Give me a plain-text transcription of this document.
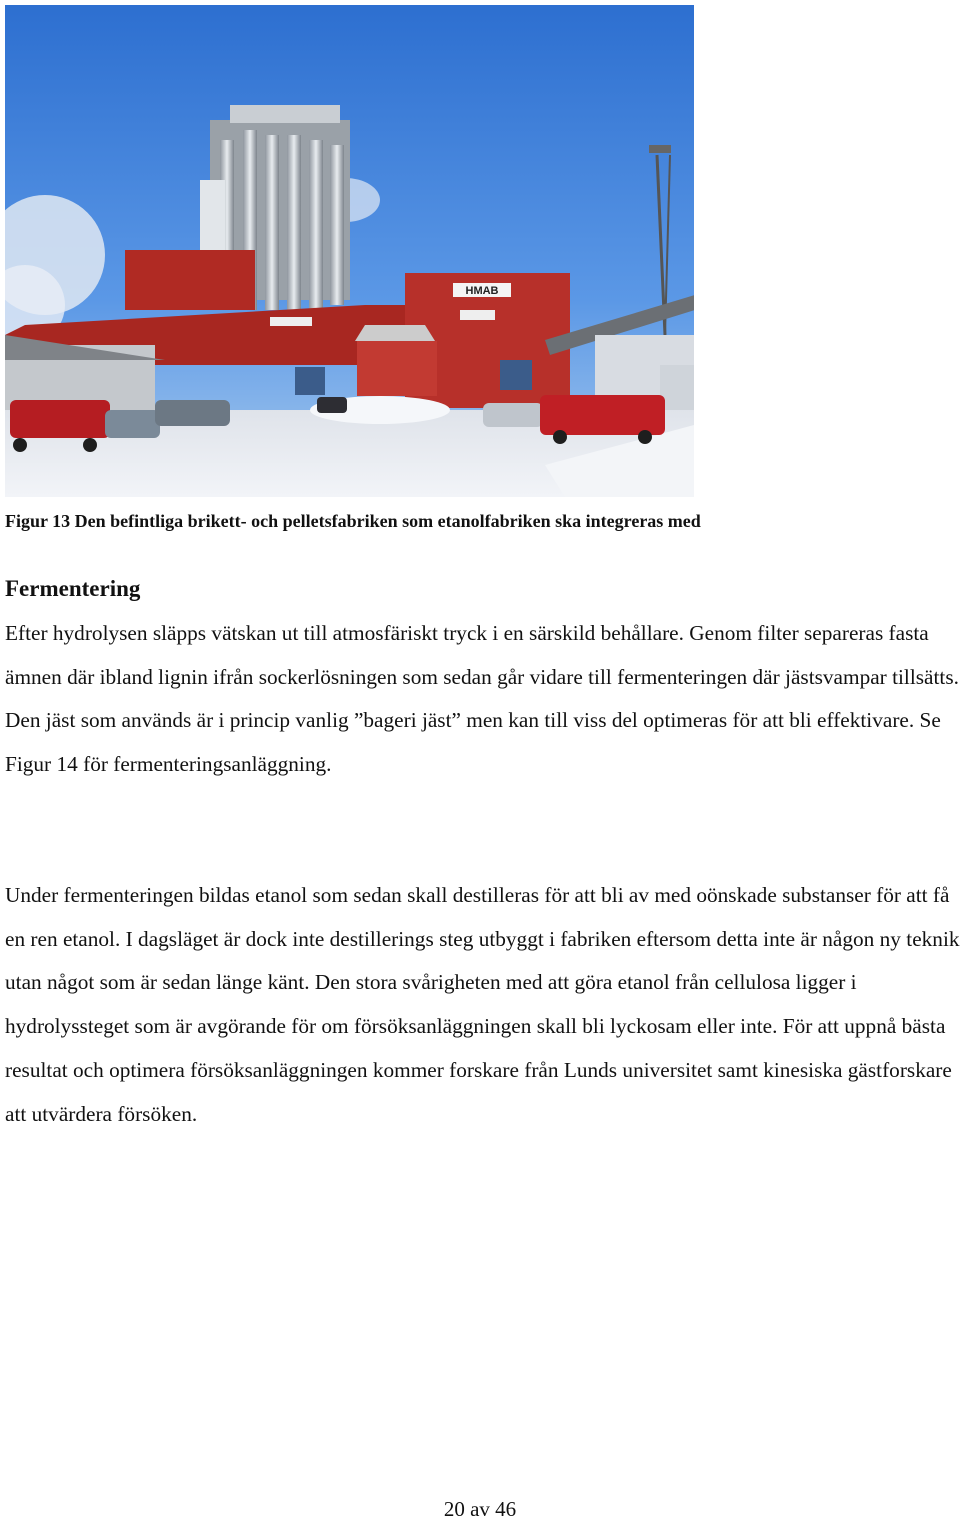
HMAB

Figur 13 Den befintliga brikett- och pelletsfabriken som etanolfabriken ska integreras med

Fermentering

Efter hydrolysen släpps vätskan ut till atmosfäriskt tryck i en särskild behållare. Genom filter separeras fasta ämnen där ibland lignin ifrån sockerlösningen som sedan går vidare till fermenteringen där jästsvampar tillsätts. Den jäst som används är i princip vanlig ”bageri jäst” men kan till viss del optimeras för att bli effektivare. Se Figur 14 för fermenteringsanläggning.

Under fermenteringen bildas etanol som sedan skall destilleras för att bli av med oönskade substanser för att få en ren etanol. I dagsläget är dock inte destillerings steg utbyggt i fabriken eftersom detta inte är någon ny teknik utan något som är sedan länge känt. Den stora svårigheten med att göra etanol från cellulosa ligger i hydrolyssteget som är avgörande för om försöksanläggningen skall bli lyckosam eller inte. För att uppnå bästa resultat och optimera försöksanläggningen kommer forskare från Lunds universitet samt kinesiska gästforskare att utvärdera försöken.

20 av 46
